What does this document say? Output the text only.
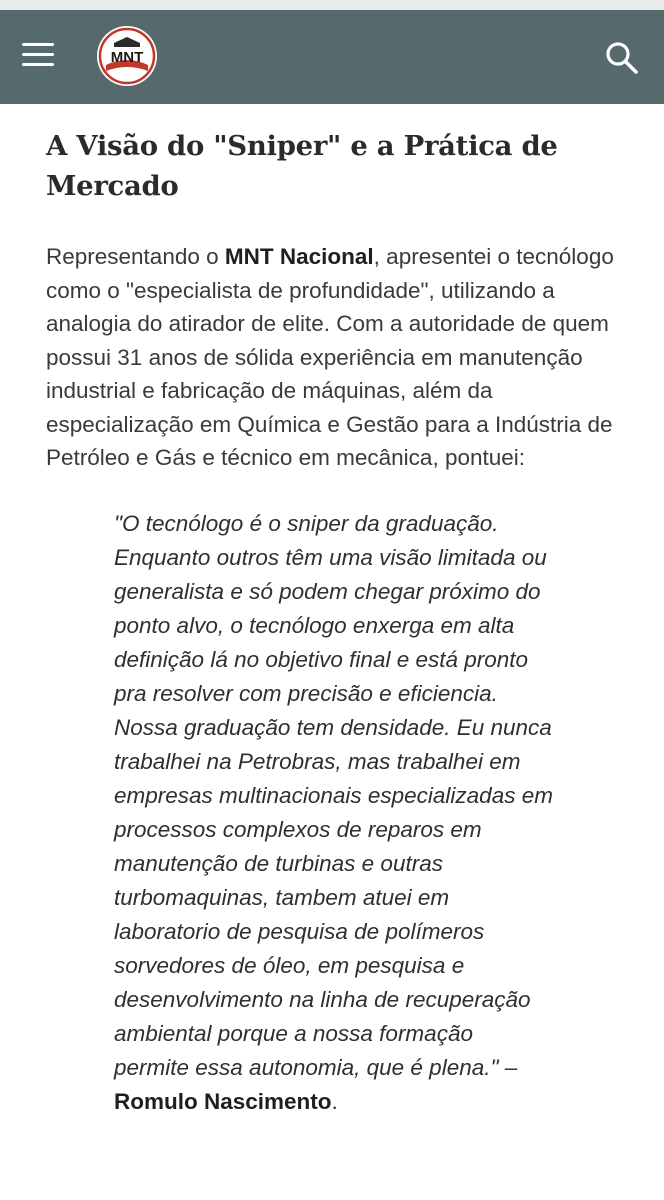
MNT
A Visão do "Sniper" e a Prática de Mercado

Representando o MNT Nacional, apresentei o tecnólogo como o "especialista de profundidade", utilizando a analogia do atirador de elite. Com a autoridade de quem possui 31 anos de sólida experiência em manutenção industrial e fabricação de máquinas, além da especialização em Química e Gestão para a Indústria de Petróleo e Gás e técnico em mecânica, pontuei:

"O tecnólogo é o sniper da graduação. Enquanto outros têm uma visão limitada ou generalista e só podem chegar próximo do ponto alvo, o tecnólogo enxerga em alta definição lá no objetivo final e está pronto pra resolver com precisão e eficiencia. Nossa graduação tem densidade. Eu nunca trabalhei na Petrobras, mas trabalhei em empresas multinacionais especializadas em processos complexos de reparos em manutenção de turbinas e outras turbomaquinas, tambem atuei em laboratorio de pesquisa de polímeros sorvedores de óleo, em pesquisa e desenvolvimento na linha de recuperação ambiental porque a nossa formação permite essa autonomia, que é plena." – Romulo Nascimento.
